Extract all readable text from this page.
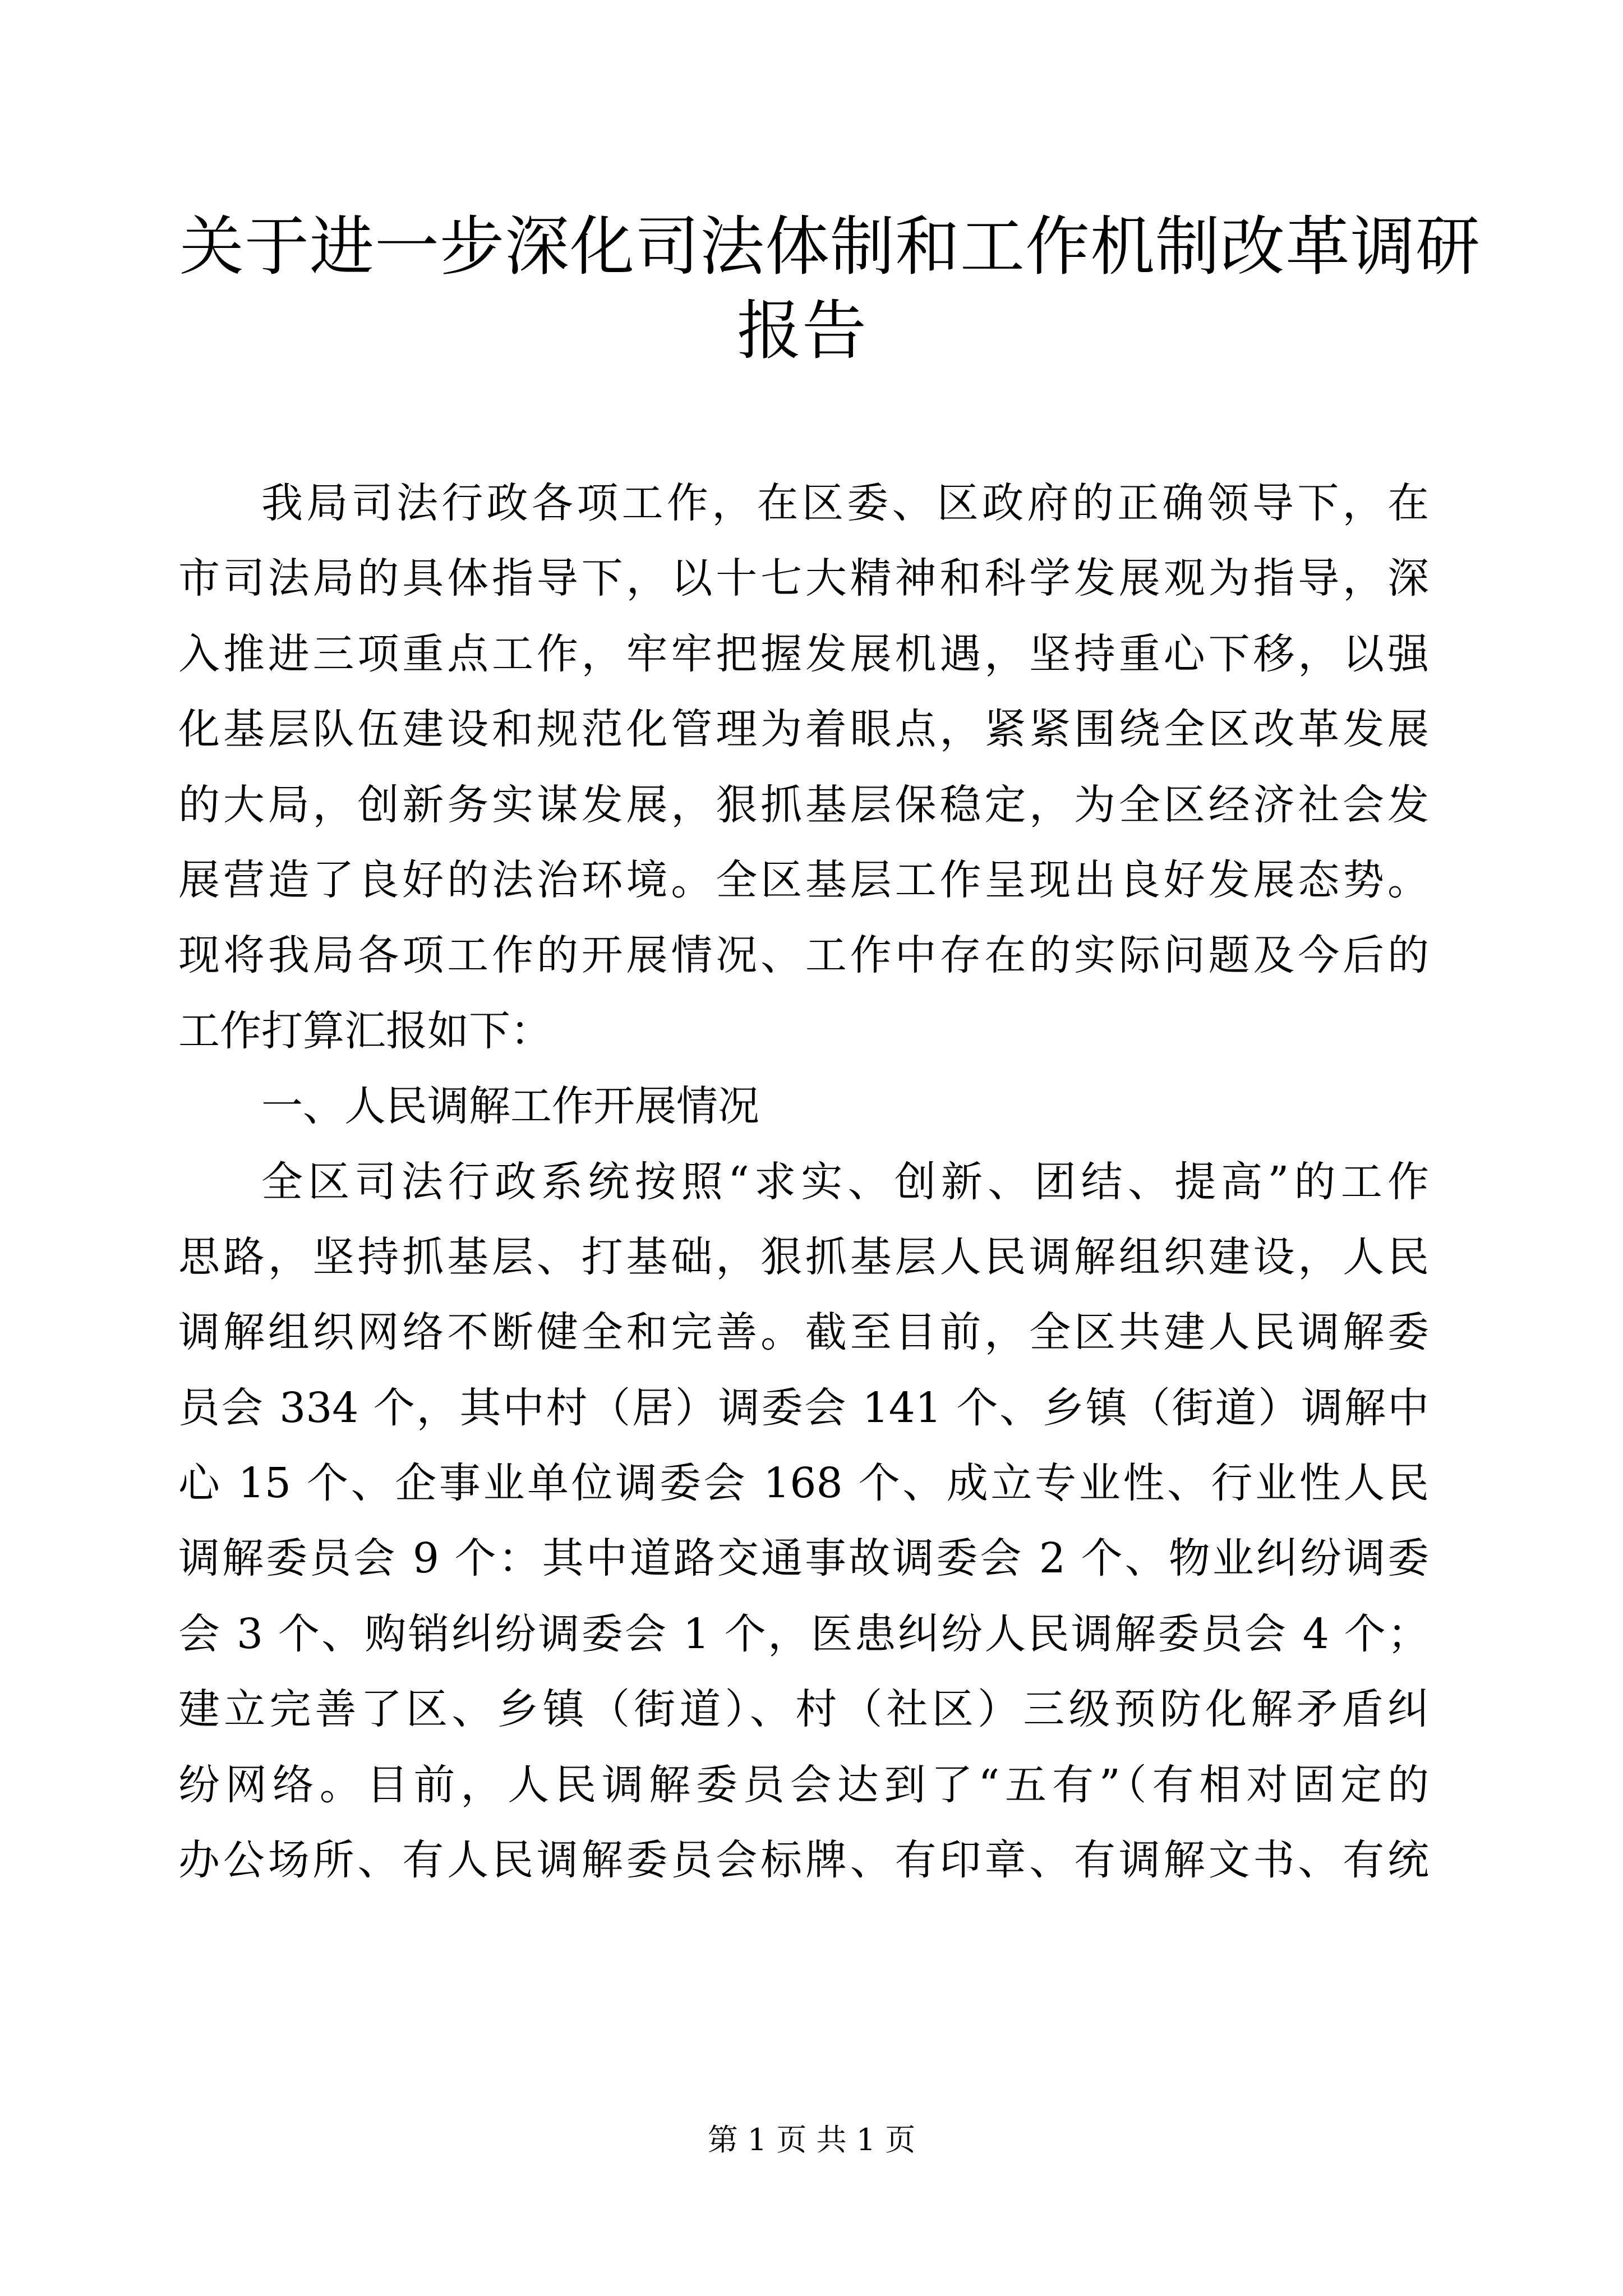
关于进一步深化司法体制和工作机制改革调研
报告
我局司法行政各项工作，在区委、区政府的正确领导下，在
市司法局的具体指导下，以十七大精神和科学发展观为指导，深
入推进三项重点工作，牢牢把握发展机遇，坚持重心下移，以强
化基层队伍建设和规范化管理为着眼点，紧紧围绕全区改革发展
的大局，创新务实谋发展，狠抓基层保稳定，为全区经济社会发
展营造了良好的法治环境。全区基层工作呈现出良好发展态势。
现将我局各项工作的开展情况、工作中存在的实际问题及今后的
工作打算汇报如下：
一、人民调解工作开展情况
全区司法行政系统按照“求实、创新、团结、提高”的工作
思路，坚持抓基层、打基础，狠抓基层人民调解组织建设，人民
调解组织网络不断健全和完善。截至目前，全区共建人民调解委
员会 334 个，其中村（居）调委会 141 个、乡镇（街道）调解中
心 15 个、企事业单位调委会 168 个、成立专业性、行业性人民
调解委员会 9 个：其中道路交通事故调委会 2 个、物业纠纷调委
会 3 个、购销纠纷调委会 1 个，医患纠纷人民调解委员会 4 个；
建立完善了区、乡镇（街道）、村（社区）三级预防化解矛盾纠
纷网络。目前，人民调解委员会达到了“五有”（有相对固定的
办公场所、有人民调解委员会标牌、有印章、有调解文书、有统
第 1 页 共 1 页
